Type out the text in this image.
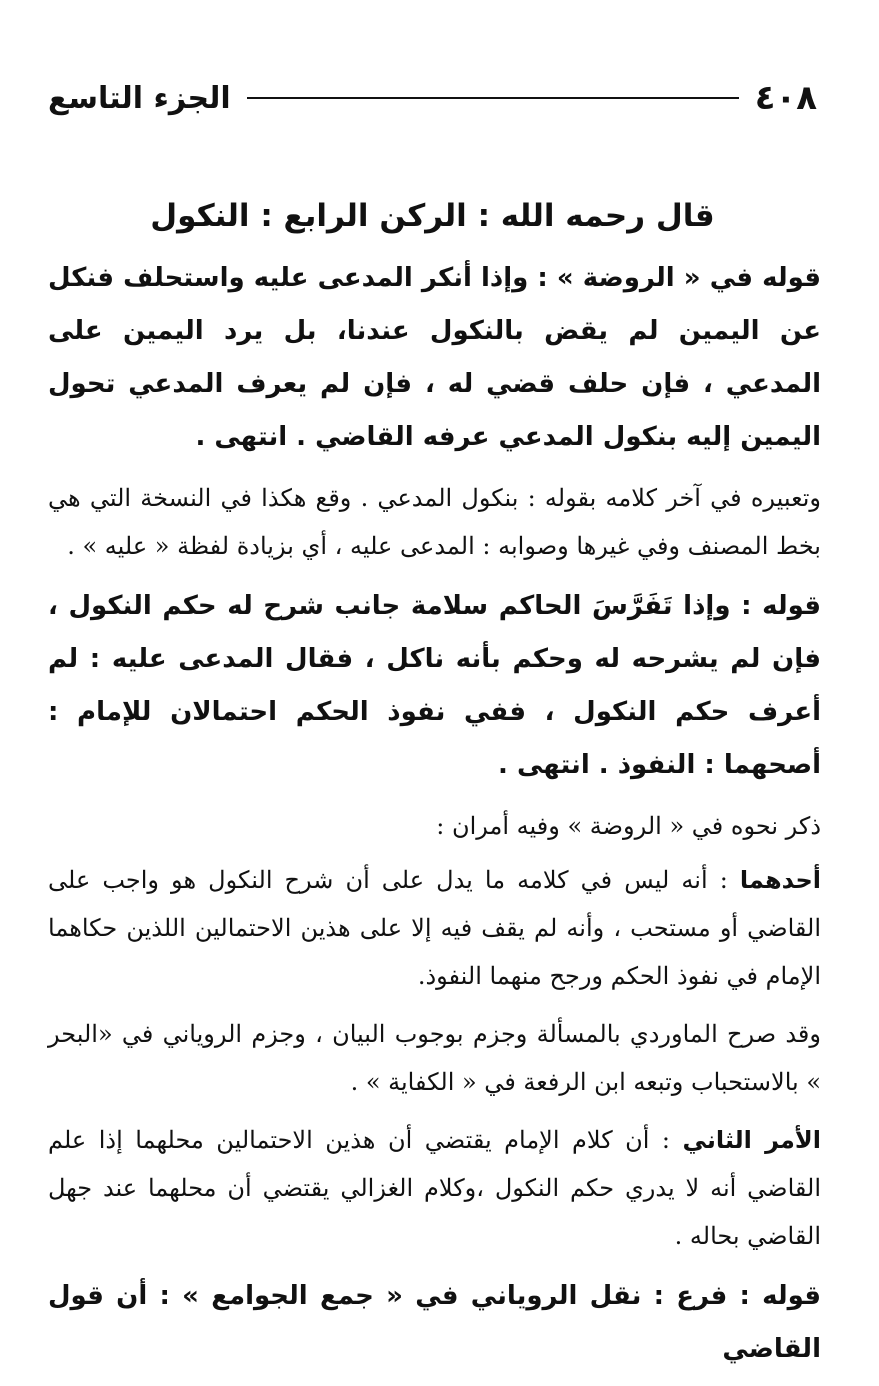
٤٠٨
الجزء التاسع
قال رحمه الله : الركن الرابع : النكول

قوله في « الروضة » : وإذا أنكر المدعى عليه واستحلف فنكل عن اليمين لم يقض بالنكول عندنا، بل يرد اليمين على المدعي ، فإن حلف قضي له ، فإن لم يعرف المدعي تحول اليمين إليه بنكول المدعي عرفه القاضي . انتهى .

وتعبيره في آخر كلامه بقوله : بنكول المدعي . وقع هكذا في النسخة التي هي بخط المصنف وفي غيرها وصوابه : المدعى عليه ، أي بزيادة لفظة « عليه » .

قوله : وإذا تَفَرَّسَ الحاكم سلامة جانب شرح له حكم النكول ، فإن لم يشرحه له وحكم بأنه ناكل ، فقال المدعى عليه : لم أعرف حكم النكول ، ففي نفوذ الحكم احتمالان للإمام : أصحهما : النفوذ . انتهى .

ذكر نحوه في « الروضة » وفيه أمران :

أحدهما : أنه ليس في كلامه ما يدل على أن شرح النكول هو واجب على القاضي أو مستحب ، وأنه لم يقف فيه إلا على هذين الاحتمالين اللذين حكاهما الإمام في نفوذ الحكم ورجح منهما النفوذ.

وقد صرح الماوردي بالمسألة وجزم بوجوب البيان ، وجزم الروياني في «البحر » بالاستحباب وتبعه ابن الرفعة في « الكفاية » .

الأمر الثاني : أن كلام الإمام يقتضي أن هذين الاحتمالين محلهما إذا علم القاضي أنه لا يدري حكم النكول ،وكلام الغزالي يقتضي أن محلهما عند جهل القاضي بحاله .

قوله : فرع : نقل الروياني في « جمع الجوامع » : أن قول القاضي
